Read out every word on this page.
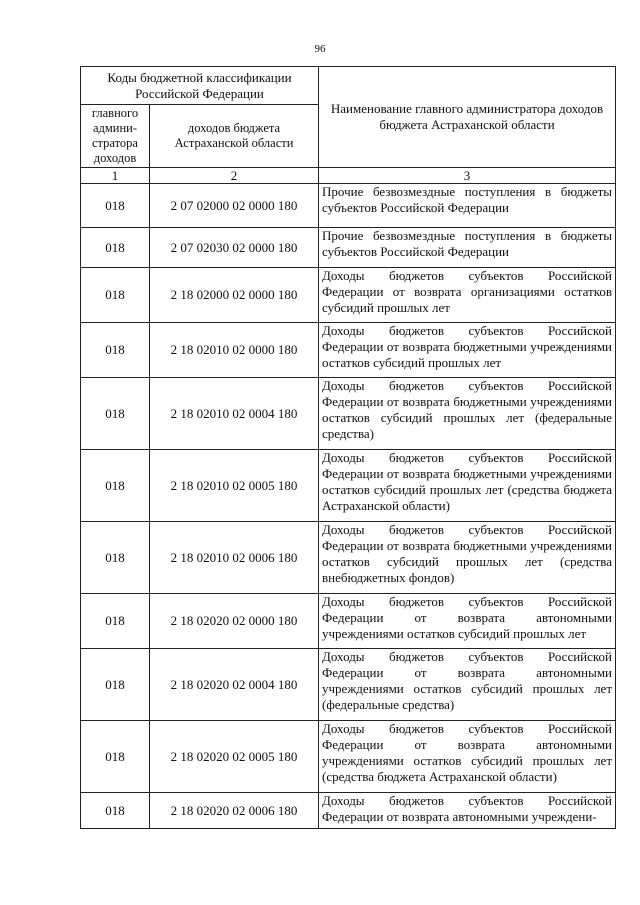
96
Коды бюджетной классификации Российской Федерации		Наименование главного администратора доходов бюджета Астраханской области
главного админи-стратора доходов	доходов бюджета Астраханской области	
1	2	3
018	2 07 02000 02 0000 180	Прочие безвозмездные поступления в бюджеты субъектов Российской Федерации
018	2 07 02030 02 0000 180	Прочие безвозмездные поступления в бюджеты субъектов Российской Федерации
018	2 18 02000 02 0000 180	Доходы бюджетов субъектов Российской Федерации от возврата организациями остатков субсидий прошлых лет
018	2 18 02010 02 0000 180	Доходы бюджетов субъектов Российской Федерации от возврата бюджетными учреждениями остатков субсидий прошлых лет
018	2 18 02010 02 0004 180	Доходы бюджетов субъектов Российской Федерации от возврата бюджетными учреждениями остатков субсидий прошлых лет (федеральные средства)
018	2 18 02010 02 0005 180	Доходы бюджетов субъектов Российской Федерации от возврата бюджетными учреждениями остатков субсидий прошлых лет (средства бюджета Астраханской области)
018	2 18 02010 02 0006 180	Доходы бюджетов субъектов Российской Федерации от возврата бюджетными учреждениями остатков субсидий прошлых лет (средства внебюджетных фондов)
018	2 18 02020 02 0000 180	Доходы бюджетов субъектов Российской Федерации от возврата автономными учреждениями остатков субсидий прошлых лет
018	2 18 02020 02 0004 180	Доходы бюджетов субъектов Российской Федерации от возврата автономными учреждениями остатков субсидий прошлых лет (федеральные средства)
018	2 18 02020 02 0005 180	Доходы бюджетов субъектов Российской Федерации от возврата автономными учреждениями остатков субсидий прошлых лет (средства бюджета Астраханской области)
018	2 18 02020 02 0006 180	Доходы бюджетов субъектов Российской Федерации от возврата автономными учреждени-
